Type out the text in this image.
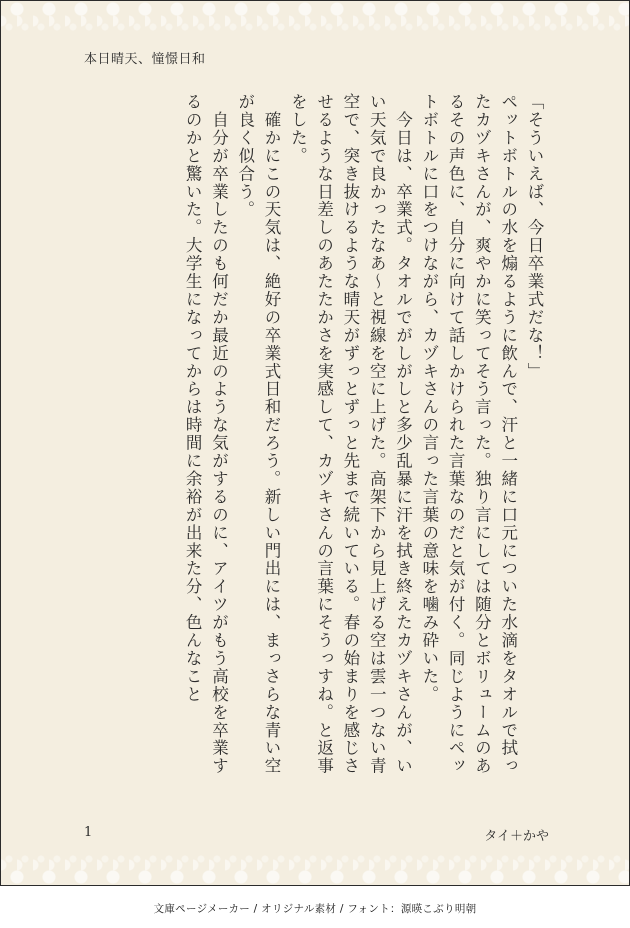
本日晴天、憧憬日和

「そういえば、今日卒業式だな！」

ペットボトルの水を煽るように飲んで、汗と一緒に口元についた水滴をタオルで拭ったカヅキさんが、爽やかに笑ってそう言った。独り言にしては随分とボリュームのあるその声色に、自分に向けて話しかけられた言葉なのだと気が付く。同じようにペットボトルに口をつけながら、カヅキさんの言った言葉の意味を噛み砕いた。

　今日は、卒業式。タオルでがしがしと多少乱暴に汗を拭き終えたカヅキさんが、いい天気で良かったなあ～と視線を空に上げた。高架下から見上げる空は雲一つない青空で、突き抜けるような晴天がずっとずっと先まで続いている。春の始まりを感じさせるような日差しのあたたかさを実感して、カヅキさんの言葉にそうっすね。と返事をした。

　確かにこの天気は、絶好の卒業式日和だろう。新しい門出には、まっさらな青い空が良く似合う。

　自分が卒業したのも何だか最近のような気がするのに、アイツがもう高校を卒業するのかと驚いた。大学生になってからは時間に余裕が出来た分、色んなこと

1	タイ＋かや
文庫ページメーカー / オリジナル素材 / フォント：源暎こぶり明朝
